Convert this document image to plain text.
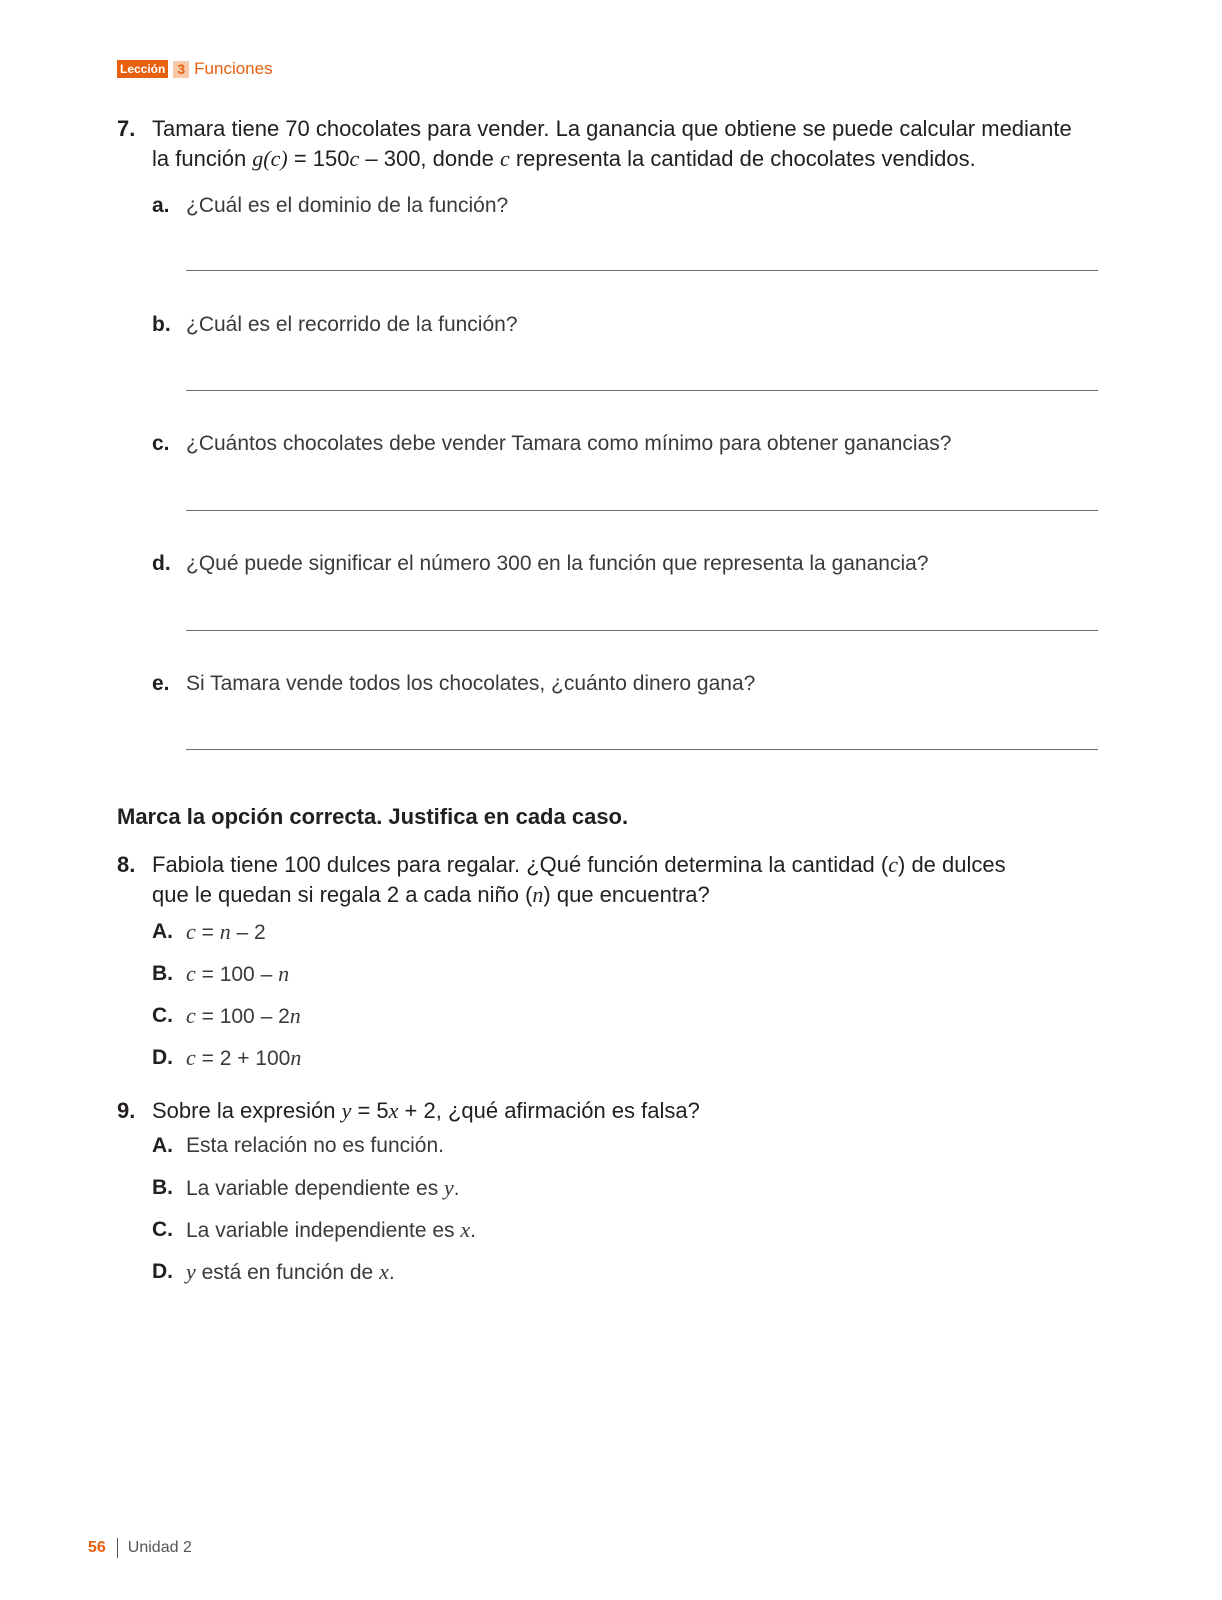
Lección 3 Funciones
7. Tamara tiene 70 chocolates para vender. La ganancia que obtiene se puede calcular mediante
la función g(c) = 150c – 300, donde c representa la cantidad de chocolates vendidos.
a. ¿Cuál es el dominio de la función?
b. ¿Cuál es el recorrido de la función?
c. ¿Cuántos chocolates debe vender Tamara como mínimo para obtener ganancias?
d. ¿Qué puede significar el número 300 en la función que representa la ganancia?
e. Si Tamara vende todos los chocolates, ¿cuánto dinero gana?
Marca la opción correcta. Justifica en cada caso.
8. Fabiola tiene 100 dulces para regalar. ¿Qué función determina la cantidad (c) de dulces
que le quedan si regala 2 a cada niño (n) que encuentra?
A. c = n – 2
B. c = 100 – n
C. c = 100 – 2n
D. c = 2 + 100n
9. Sobre la expresión y = 5x + 2, ¿qué afirmación es falsa?
A. Esta relación no es función.
B. La variable dependiente es y.
C. La variable independiente es x.
D. y está en función de x.
56 Unidad 2
